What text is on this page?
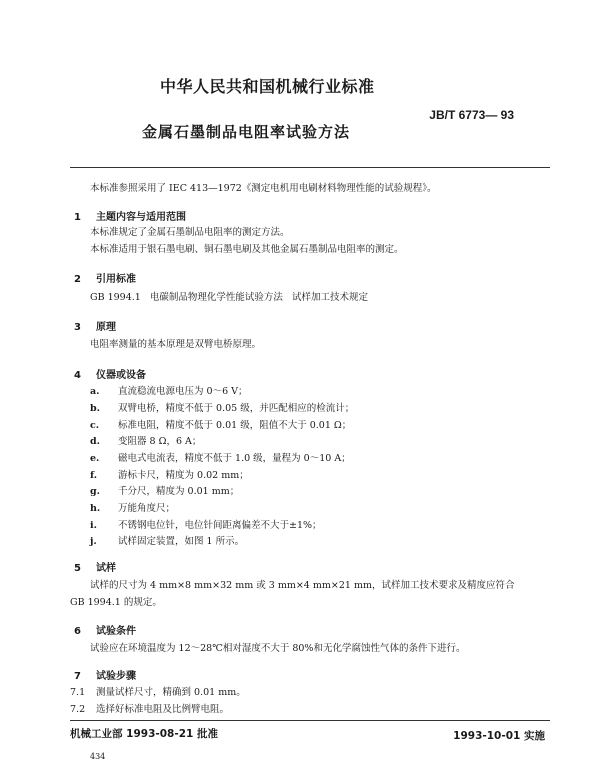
中华人民共和国机械行业标准
JB/T 6773— 93
金属石墨制品电阻率试验方法
本标准参照采用了 IEC 413—1972《测定电机用电刷材料物理性能的试验规程》。
1 主题内容与适用范围
本标准规定了金属石墨制品电阻率的测定方法。
本标准适用于银石墨电刷、铜石墨电刷及其他金属石墨制品电阻率的测定。
2 引用标准
GB 1994.1   电碳制品物理化学性能试验方法   试样加工技术规定
3 原理
电阻率测量的基本原理是双臂电桥原理。
4 仪器或设备
a. 直流稳流电源电压为 0～6 V；
b. 双臂电桥，精度不低于 0.05 级，并匹配相应的检流计；
c. 标准电阻，精度不低于 0.01 级，阻值不大于 0.01 Ω；
d. 变阻器 8 Ω，6 A；
e. 磁电式电流表，精度不低于 1.0 级，量程为 0～10 A；
f. 游标卡尺，精度为 0.02 mm；
g. 千分尺，精度为 0.01 mm；
h. 万能角度尺；
i. 不锈钢电位针，电位针间距离偏差不大于±1%；
j. 试样固定装置，如图 1 所示。
5 试样
试样的尺寸为 4 mm×8 mm×32 mm 或 3 mm×4 mm×21 mm，试样加工技术要求及精度应符合
GB 1994.1 的规定。
6 试验条件
试验应在环境温度为 12～28℃相对湿度不大于 80%和无化学腐蚀性气体的条件下进行。
7 试验步骤
7.1 测量试样尺寸，精确到 0.01 mm。
7.2 选择好标准电阻及比例臂电阻。
机械工业部 1993-08-21 批准	1993-10-01 实施
434
